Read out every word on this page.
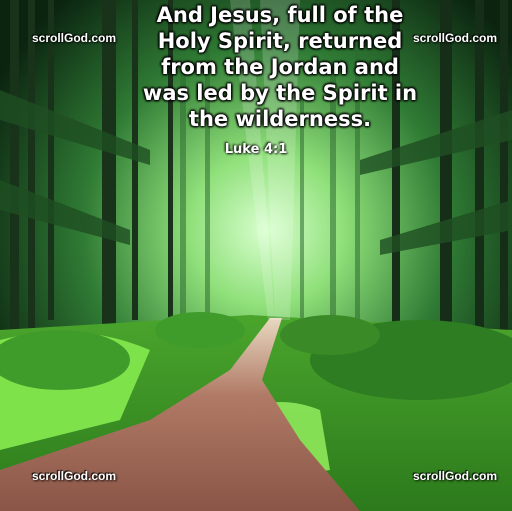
And Jesus, full of the
Holy Spirit, returned
from the Jordan and
was led by the Spirit in
the wilderness.
Luke 4:1
scrollGod.com	scrollGod.com
scrollGod.com	scrollGod.com
